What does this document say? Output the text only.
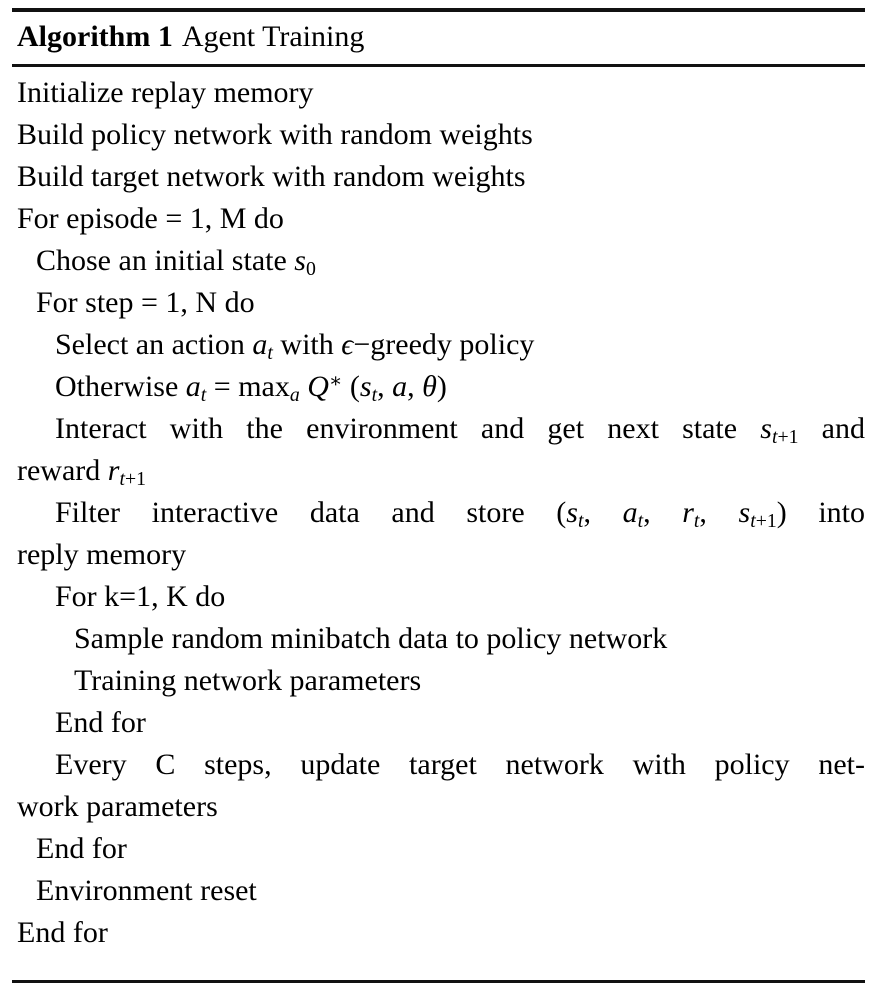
Algorithm 1 Agent Training
Initialize replay memory
Build policy network with random weights
Build target network with random weights
For episode = 1, M do
Chose an initial state $s_0$
For step = 1, N do
Select an action $a_t$ with ϵ−greedy policy
Otherwise $a_t = \max_a Q^∗$ ($s_t$, a, θ)
Interact with the environment and get next state $s_{t+1}$ and
reward $r_{t+1}$
Filter interactive data and store ($s_t$, $a_t$, $r_t$, $s_{t+1}$) into
reply memory
For k=1, K do
Sample random minibatch data to policy network
Training network parameters
End for
Every C steps, update target network with policy net-
work parameters
End for
Environment reset
End for
